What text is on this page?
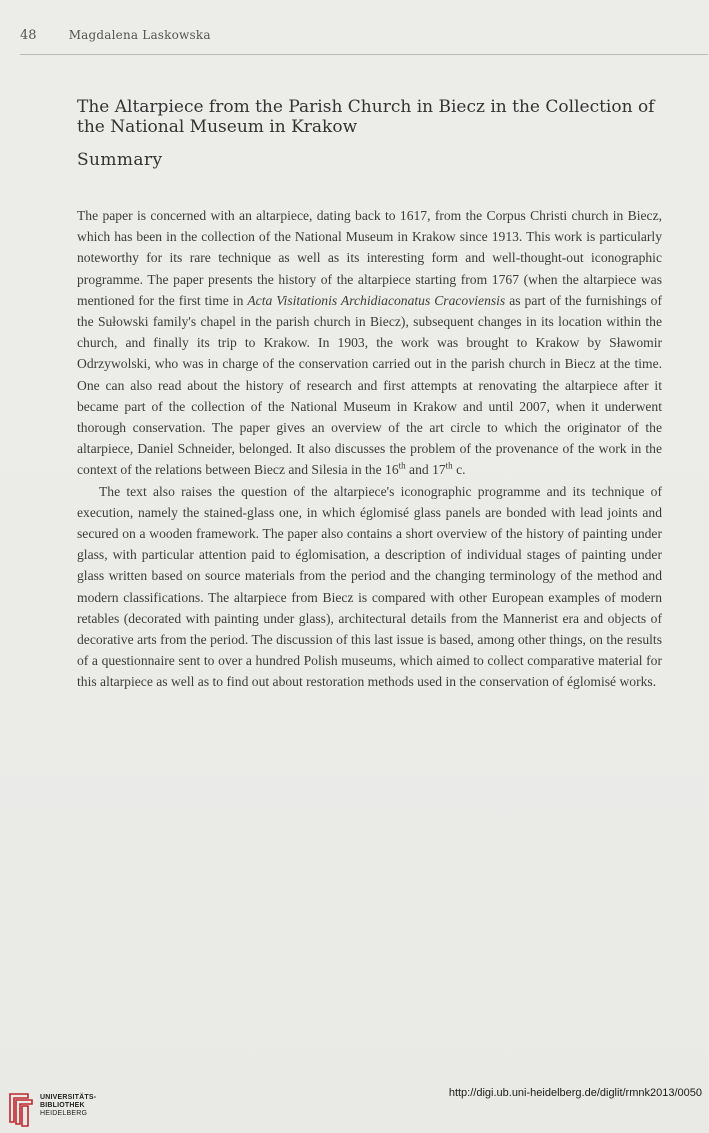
48	Magdalena Laskowska
The Altarpiece from the Parish Church in Biecz in the Collection of the National Museum in Krakow
Summary

The paper is concerned with an altarpiece, dating back to 1617, from the Corpus Christi church in Biecz, which has been in the collection of the National Museum in Krakow since 1913. This work is particularly noteworthy for its rare technique as well as its interesting form and well-thought-out iconographic programme. The paper presents the history of the altarpiece starting from 1767 (when the altarpiece was mentioned for the first time in Acta Visitationis Archidiaconatus Cracoviensis as part of the furnishings of the Sułowski family's chapel in the parish church in Biecz), subsequent changes in its location within the church, and finally its trip to Krakow. In 1903, the work was brought to Krakow by Sławomir Odrzywolski, who was in charge of the conservation carried out in the parish church in Biecz at the time. One can also read about the history of research and first attempts at renovating the altarpiece after it became part of the collection of the National Museum in Krakow and until 2007, when it underwent thorough conservation. The paper gives an overview of the art circle to which the originator of the altarpiece, Daniel Schneider, belonged. It also discusses the problem of the provenance of the work in the context of the relations between Biecz and Silesia in the 16th and 17th c.

The text also raises the question of the altarpiece's iconographic programme and its technique of execution, namely the stained-glass one, in which églomisé glass panels are bonded with lead joints and secured on a wooden framework. The paper also contains a short overview of the history of painting under glass, with particular attention paid to églomisation, a description of individual stages of painting under glass written based on source materials from the period and the changing terminology of the method and modern classifications. The altarpiece from Biecz is compared with other European examples of modern retables (decorated with painting under glass), architectural details from the Mannerist era and objects of decorative arts from the period. The discussion of this last issue is based, among other things, on the results of a questionnaire sent to over a hundred Polish museums, which aimed to collect comparative material for this altarpiece as well as to find out about restoration methods used in the conservation of églomisé works.

UNIVERSITÄTS-
BIBLIOTHEK
HEIDELBERG
http://digi.ub.uni-heidelberg.de/diglit/rmnk2013/0050
